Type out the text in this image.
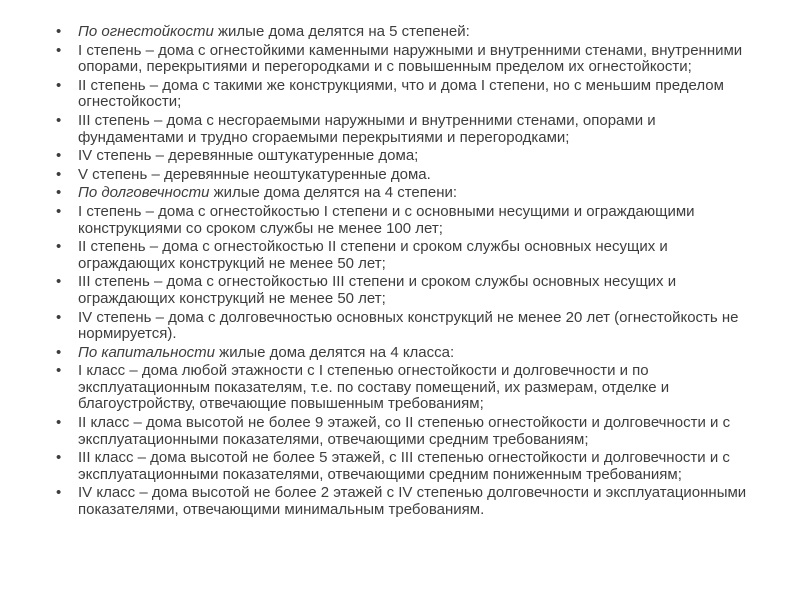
•	По огнестойкости жилые дома делятся на 5 степеней:
•	I степень – дома с огнестойкими каменными наружными и внутренними стенами, внутренними опорами, перекрытиями и перегородками и с повышенным пределом их огнестойкости;
•	II степень – дома с такими же конструкциями, что и дома I степени, но с меньшим пределом огнестойкости;
•	III степень – дома с несгораемыми наружными и внутренними стенами, опорами и фундаментами и трудно сгораемыми перекрытиями и перегородками;
•	IV степень – деревянные оштукатуренные дома;
•	V степень – деревянные неоштукатуренные дома.
•	По долговечности жилые дома делятся на 4 степени:
•	I степень – дома с огнестойкостью I степени и с основными несущими и ограждающими конструкциями со сроком службы не менее 100 лет;
•	II степень – дома с огнестойкостью II степени и сроком службы основных несущих и ограждающих конструкций не менее 50 лет;
•	III степень – дома с огнестойкостью III степени и сроком службы основных несущих и ограждающих конструкций не менее 50 лет;
•	IV степень – дома с долговечностью основных конструкций не менее 20 лет (огнестойкость не нормируется).
•	По капитальности жилые дома делятся на 4 класса:
•	I класс – дома любой этажности с I степенью огнестойкости и долговечности и по эксплуатационным показателям, т.е. по составу помещений, их размерам, отделке и благоустройству, отвечающие повышенным требованиям;
•	II класс – дома высотой не более 9 этажей, со II степенью огнестойкости и долговечности и с эксплуатационными показателями, отвечающими средним требованиям;
•	III класс – дома высотой не более 5 этажей, с III степенью огнестойкости и долговечности и с эксплуатационными показателями, отвечающими средним пониженным требованиям;
•	IV класс – дома высотой не более 2 этажей с IV степенью долговечности и эксплуатационными показателями, отвечающими минимальным требованиям.
